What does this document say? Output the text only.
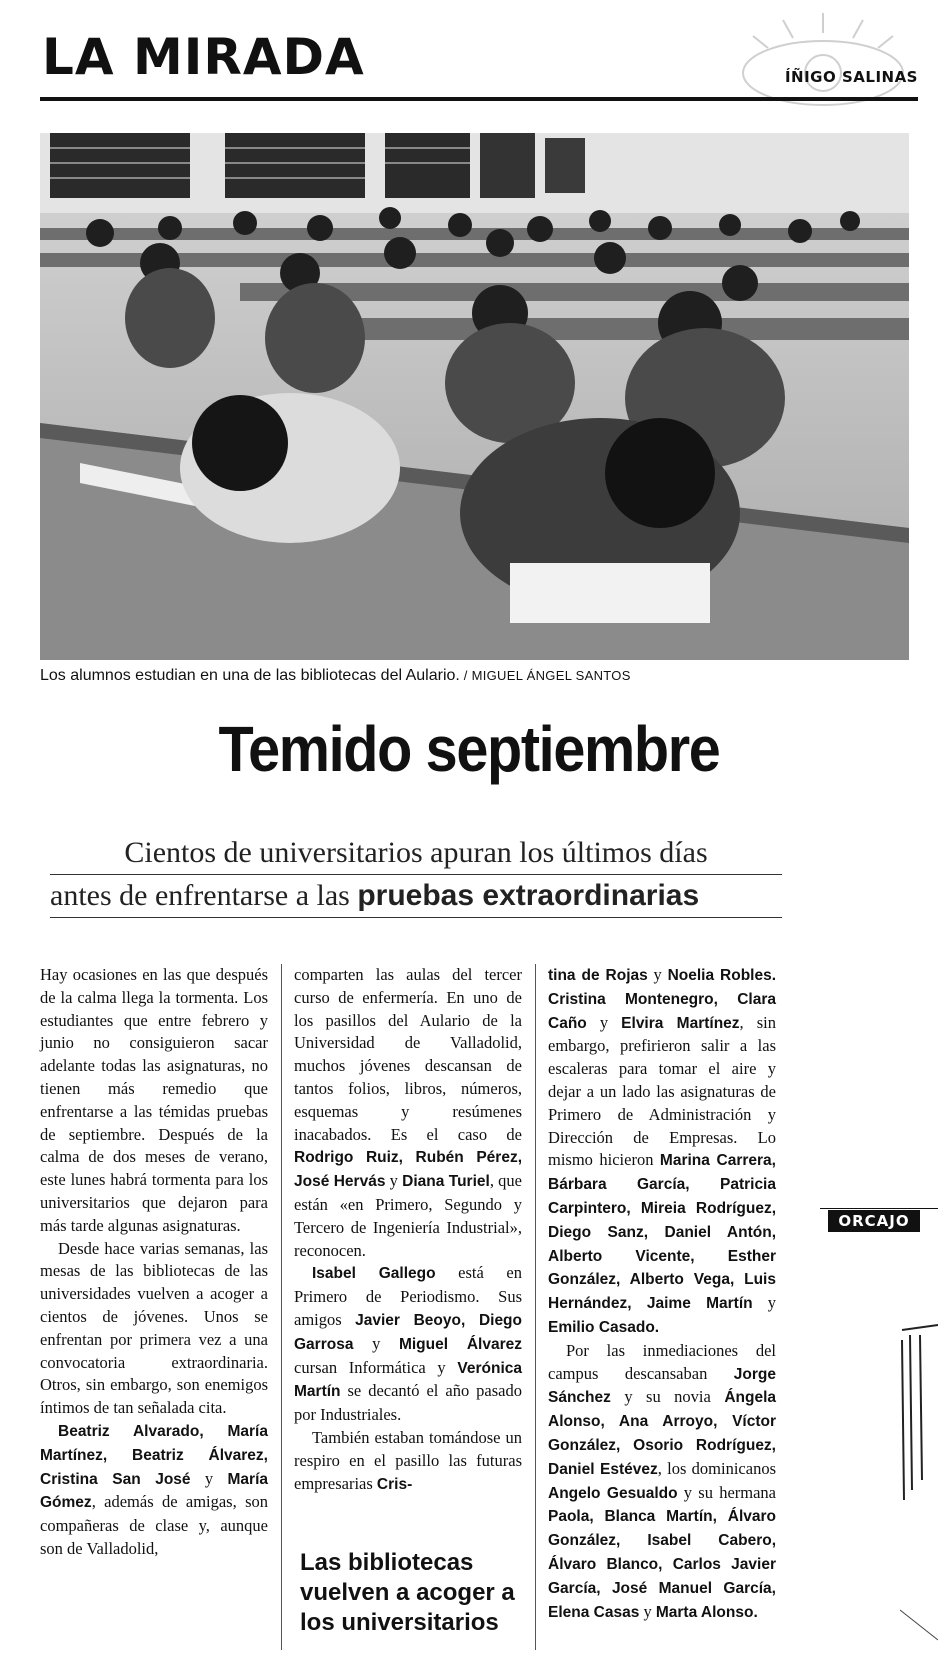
LA MIRADA	ÍÑIGO SALINAS
Los alumnos estudian en una de las bibliotecas del Aulario. / MIGUEL ÁNGEL SANTOS
Temido septiembre
Cientos de universitarios apuran los últimos días
antes de enfrentarse a las pruebas extraordinarias

Hay ocasiones en las que después de la calma llega la tormenta. Los estudiantes que entre febrero y junio no consiguieron sacar adelante todas las asignaturas, no tienen más remedio que enfrentarse a las témidas pruebas de septiembre. Después de la calma de dos meses de verano, este lunes habrá tormenta para los universitarios que dejaron para más tarde algunas asignaturas.

Desde hace varias semanas, las mesas de las bibliotecas de las universidades vuelven a acoger a cientos de jóvenes. Unos se enfrentan por primera vez a una convocatoria extraordinaria. Otros, sin embargo, son enemigos íntimos de tan señalada cita.

Beatriz Alvarado, María Martínez, Beatriz Álvarez, Cristina San José y María Gómez, además de amigas, son compañeras de clase y, aunque son de Valladolid,

comparten las aulas del tercer curso de enfermería. En uno de los pasillos del Aulario de la Universidad de Valladolid, muchos jóvenes descansan de tantos folios, libros, números, esquemas y resúmenes inacabados. Es el caso de Rodrigo Ruiz, Rubén Pérez, José Hervás y Diana Turiel, que están «en Primero, Segundo y Tercero de Ingeniería Industrial», reconocen.

Isabel Gallego está en Primero de Periodismo. Sus amigos Javier Beoyo, Diego Garrosa y Miguel Álvarez cursan Informática y Verónica Martín se decantó el año pasado por Industriales.

También estaban tomándose un respiro en el pasillo las futuras empresarias Cris-

Las bibliotecas vuelven a acoger a los universitarios

tina de Rojas y Noelia Robles. Cristina Montenegro, Clara Caño y Elvira Martínez, sin embargo, prefirieron salir a las escaleras para tomar el aire y dejar a un lado las asignaturas de Primero de Administración y Dirección de Empresas. Lo mismo hicieron Marina Carrera, Bárbara García, Patricia Carpintero, Mireia Rodríguez, Diego Sanz, Daniel Antón, Alberto Vicente, Esther González, Alberto Vega, Luis Hernández, Jaime Martín y Emilio Casado.

Por las inmediaciones del campus descansaban Jorge Sánchez y su novia Ángela Alonso, Ana Arroyo, Víctor González, Osorio Rodríguez, Daniel Estévez, los dominicanos Angelo Gesualdo y su hermana Paola, Blanca Martín, Álvaro González, Isabel Cabero, Álvaro Blanco, Carlos Javier García, José Manuel García, Elena Casas y Marta Alonso.

ORCAJO
